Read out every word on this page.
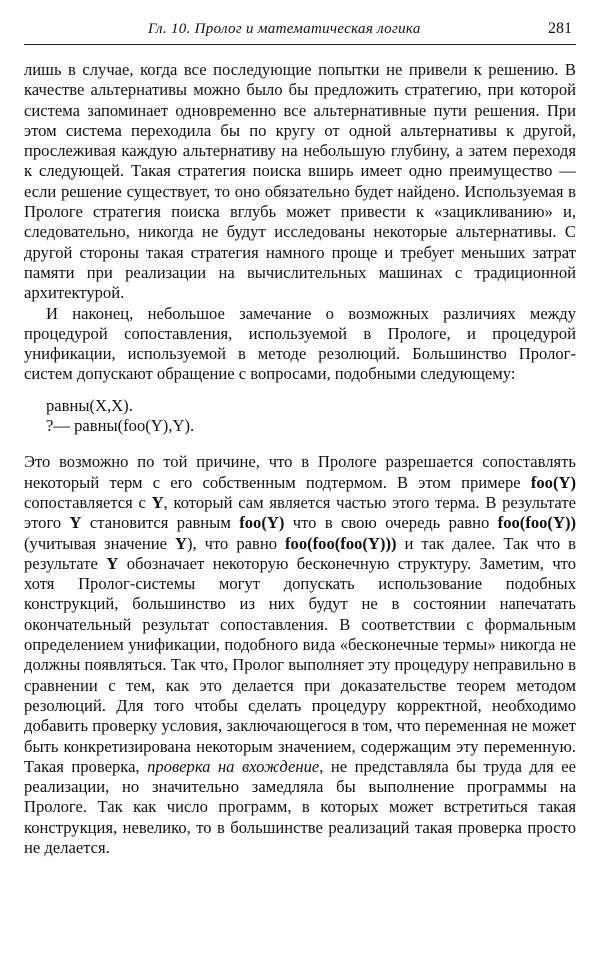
Гл. 10. Пролог и математическая логика	281

лишь в случае, когда все последующие попытки не привели к решению. В качестве альтернативы можно было бы предложить стратегию, при которой система запоминает одновременно все альтернативные пути решения. При этом система переходила бы по кругу от одной альтернативы к другой, прослеживая каждую альтернативу на небольшую глубину, а затем переходя к следующей. Такая стратегия поиска вширь имеет одно преимущество — если решение существует, то оно обязательно будет найдено. Используемая в Прологе стратегия поиска вглубь может привести к «зацикливанию» и, следовательно, никогда не будут исследованы некоторые альтернативы. С другой стороны такая стратегия намного проще и требует меньших затрат памяти при реализации на вычислительных машинах с традиционной архитектурой.

И наконец, небольшое замечание о возможных различиях между процедурой сопоставления, используемой в Прологе, и процедурой унификации, используемой в методе резолюций. Большинство Пролог-систем допускают обращение с вопросами, подобными следующему:

равны(X,X).
?— равны(foo(Y),Y).

Это возможно по той причине, что в Прологе разрешается сопоставлять некоторый терм с его собственным подтермом. В этом примере foo(Y) сопоставляется с Y, который сам является частью этого терма. В результате этого Y становится равным foo(Y) что в свою очередь равно foo(foo(Y)) (учитывая значение Y), что равно foo(foo(foo(Y))) и так далее. Так что в результате Y обозначает некоторую бесконечную структуру. Заметим, что хотя Пролог-системы могут допускать использование подобных конструкций, большинство из них будут не в состоянии напечатать окончательный результат сопоставления. В соответствии с формальным определением унификации, подобного вида «бесконечные термы» никогда не должны появляться. Так что, Пролог выполняет эту процедуру неправильно в сравнении с тем, как это делается при доказательстве теорем методом резолюций. Для того чтобы сделать процедуру корректной, необходимо добавить проверку условия, заключающегося в том, что переменная не может быть конкретизирована некоторым значением, содержащим эту переменную. Такая проверка, проверка на вхождение, не представляла бы труда для ее реализации, но значительно замедляла бы выполнение программы на Прологе. Так как число программ, в которых может встретиться такая конструкция, невелико, то в большинстве реализаций такая проверка просто не делается.
